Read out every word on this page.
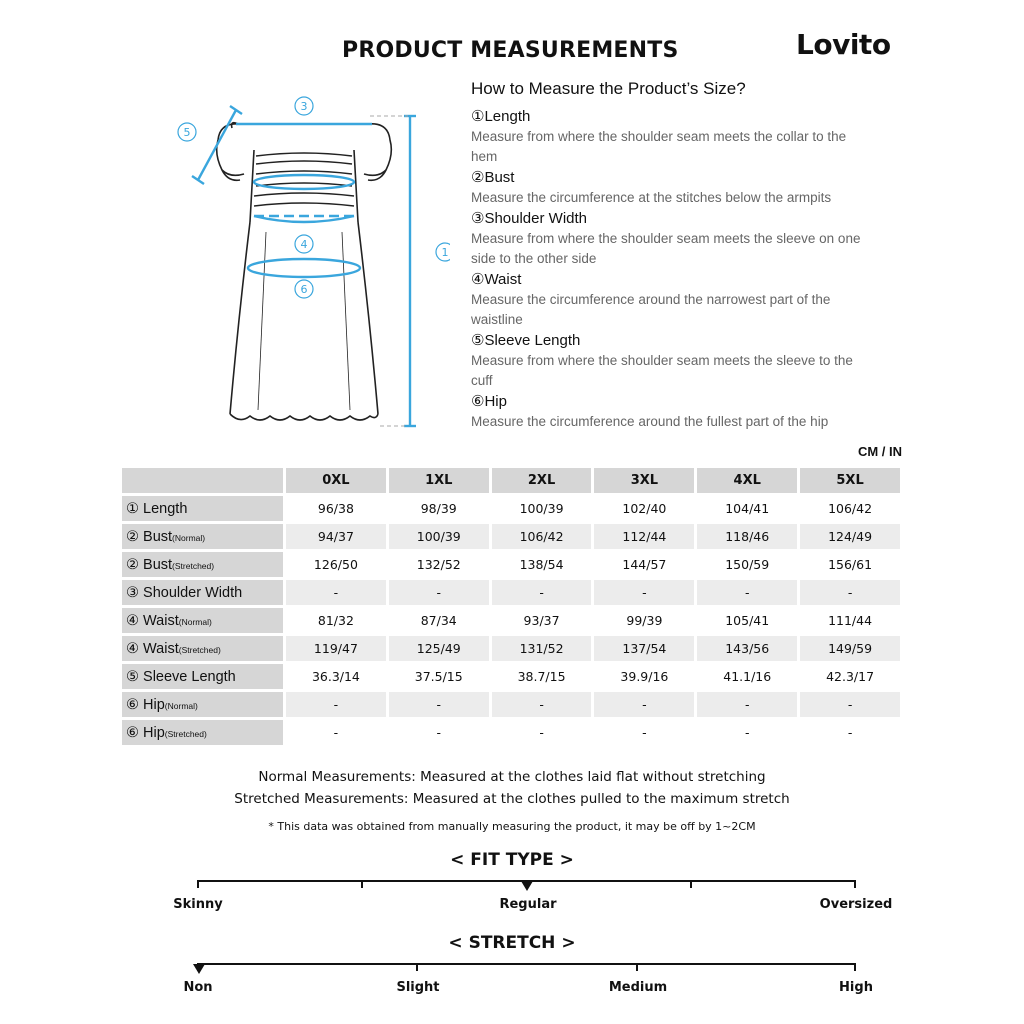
PRODUCT MEASUREMENTS	Lovito
3
5
1
4
6
How to Measure the Product’s Size?
①Length
Measure from where the shoulder seam meets the collar to the hem
②Bust
Measure the circumference at the stitches below the armpits
③Shoulder Width
Measure from where the shoulder seam meets the sleeve on one side to the other side
④Waist
Measure the circumference around the narrowest part of the waistline
⑤Sleeve Length
Measure from where the shoulder seam meets the sleeve to the cuff
⑥Hip
Measure the circumference around the fullest part of the hip
CM / IN
	0XL	1XL	2XL	3XL	4XL	5XL
① Length	96/38	98/39	100/39	102/40	104/41	106/42
② Bust(Normal)	94/37	100/39	106/42	112/44	118/46	124/49
② Bust(Stretched)	126/50	132/52	138/54	144/57	150/59	156/61
③ Shoulder Width	-	-	-	-	-	-
④ Waist(Normal)	81/32	87/34	93/37	99/39	105/41	111/44
④ Waist(Stretched)	119/47	125/49	131/52	137/54	143/56	149/59
⑤ Sleeve Length	36.3/14	37.5/15	38.7/15	39.9/16	41.1/16	42.3/17
⑥ Hip(Normal)	-	-	-	-	-	-
⑥ Hip(Stretched)	-	-	-	-	-	-
Normal Measurements: Measured at the clothes laid flat without stretching
Stretched Measurements: Measured at the clothes pulled to the maximum stretch
* This data was obtained from manually measuring the product, it may be off by 1~2CM
< FIT TYPE >
Skinny	Regular	Oversized
< STRETCH >
Non	Slight	Medium	High
